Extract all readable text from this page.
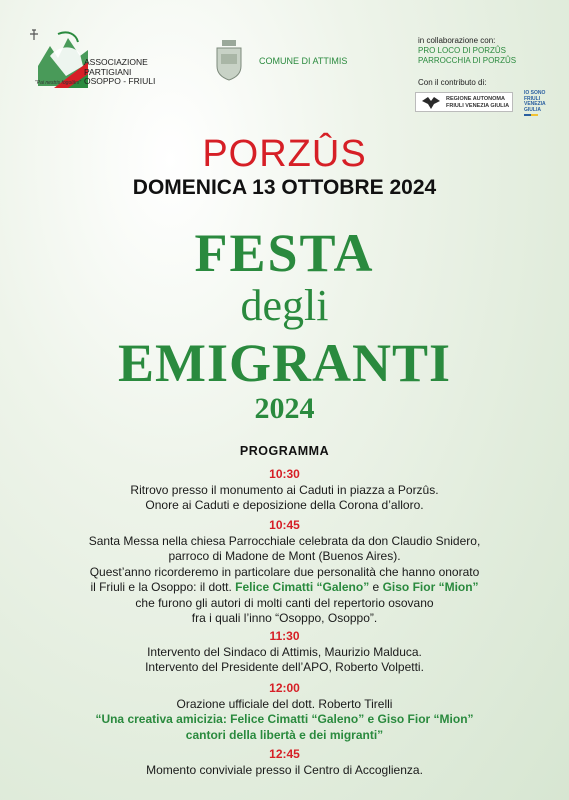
ASSOCIAZIONE
PARTIGIANI
OSOPPO - FRIULI
"Pai nestris fogolârs"
COMUNE DI ATTIMIS
in collaborazione con:
PRO LOCO DI PORZÛS
PARROCCHIA DI PORZÛS
Con il contributo di:
REGIONE AUTONOMA
FRIULI VENEZIA GIULIA
IO SONO
FRIULI
VENEZIA
GIULIA
PORZÛS
DOMENICA 13 OTTOBRE 2024
FESTA
degli
EMIGRANTI
2024
PROGRAMMA
10:30
Ritrovo presso il monumento ai Caduti in piazza a Porzûs.
Onore ai Caduti e deposizione della Corona d’alloro.
10:45
Santa Messa nella chiesa Parrocchiale celebrata da don Claudio Snidero,
parroco di Madone de Mont (Buenos Aires).
Quest’anno ricorderemo in particolare due personalità che hanno onorato
il Friuli e la Osoppo: il dott. Felice Cimatti “Galeno” e Giso Fior “Mion”
che furono gli autori di molti canti del repertorio osovano
fra i quali l’inno “Osoppo, Osoppo”.
11:30
Intervento del Sindaco di Attimis, Maurizio Malduca.
Intervento del Presidente dell’APO, Roberto Volpetti.
12:00
Orazione ufficiale del dott. Roberto Tirelli
“Una creativa amicizia: Felice Cimatti “Galeno” e Giso Fior “Mion”
cantori della libertà e dei migranti”
12:45
Momento conviviale presso il Centro di Accoglienza.
